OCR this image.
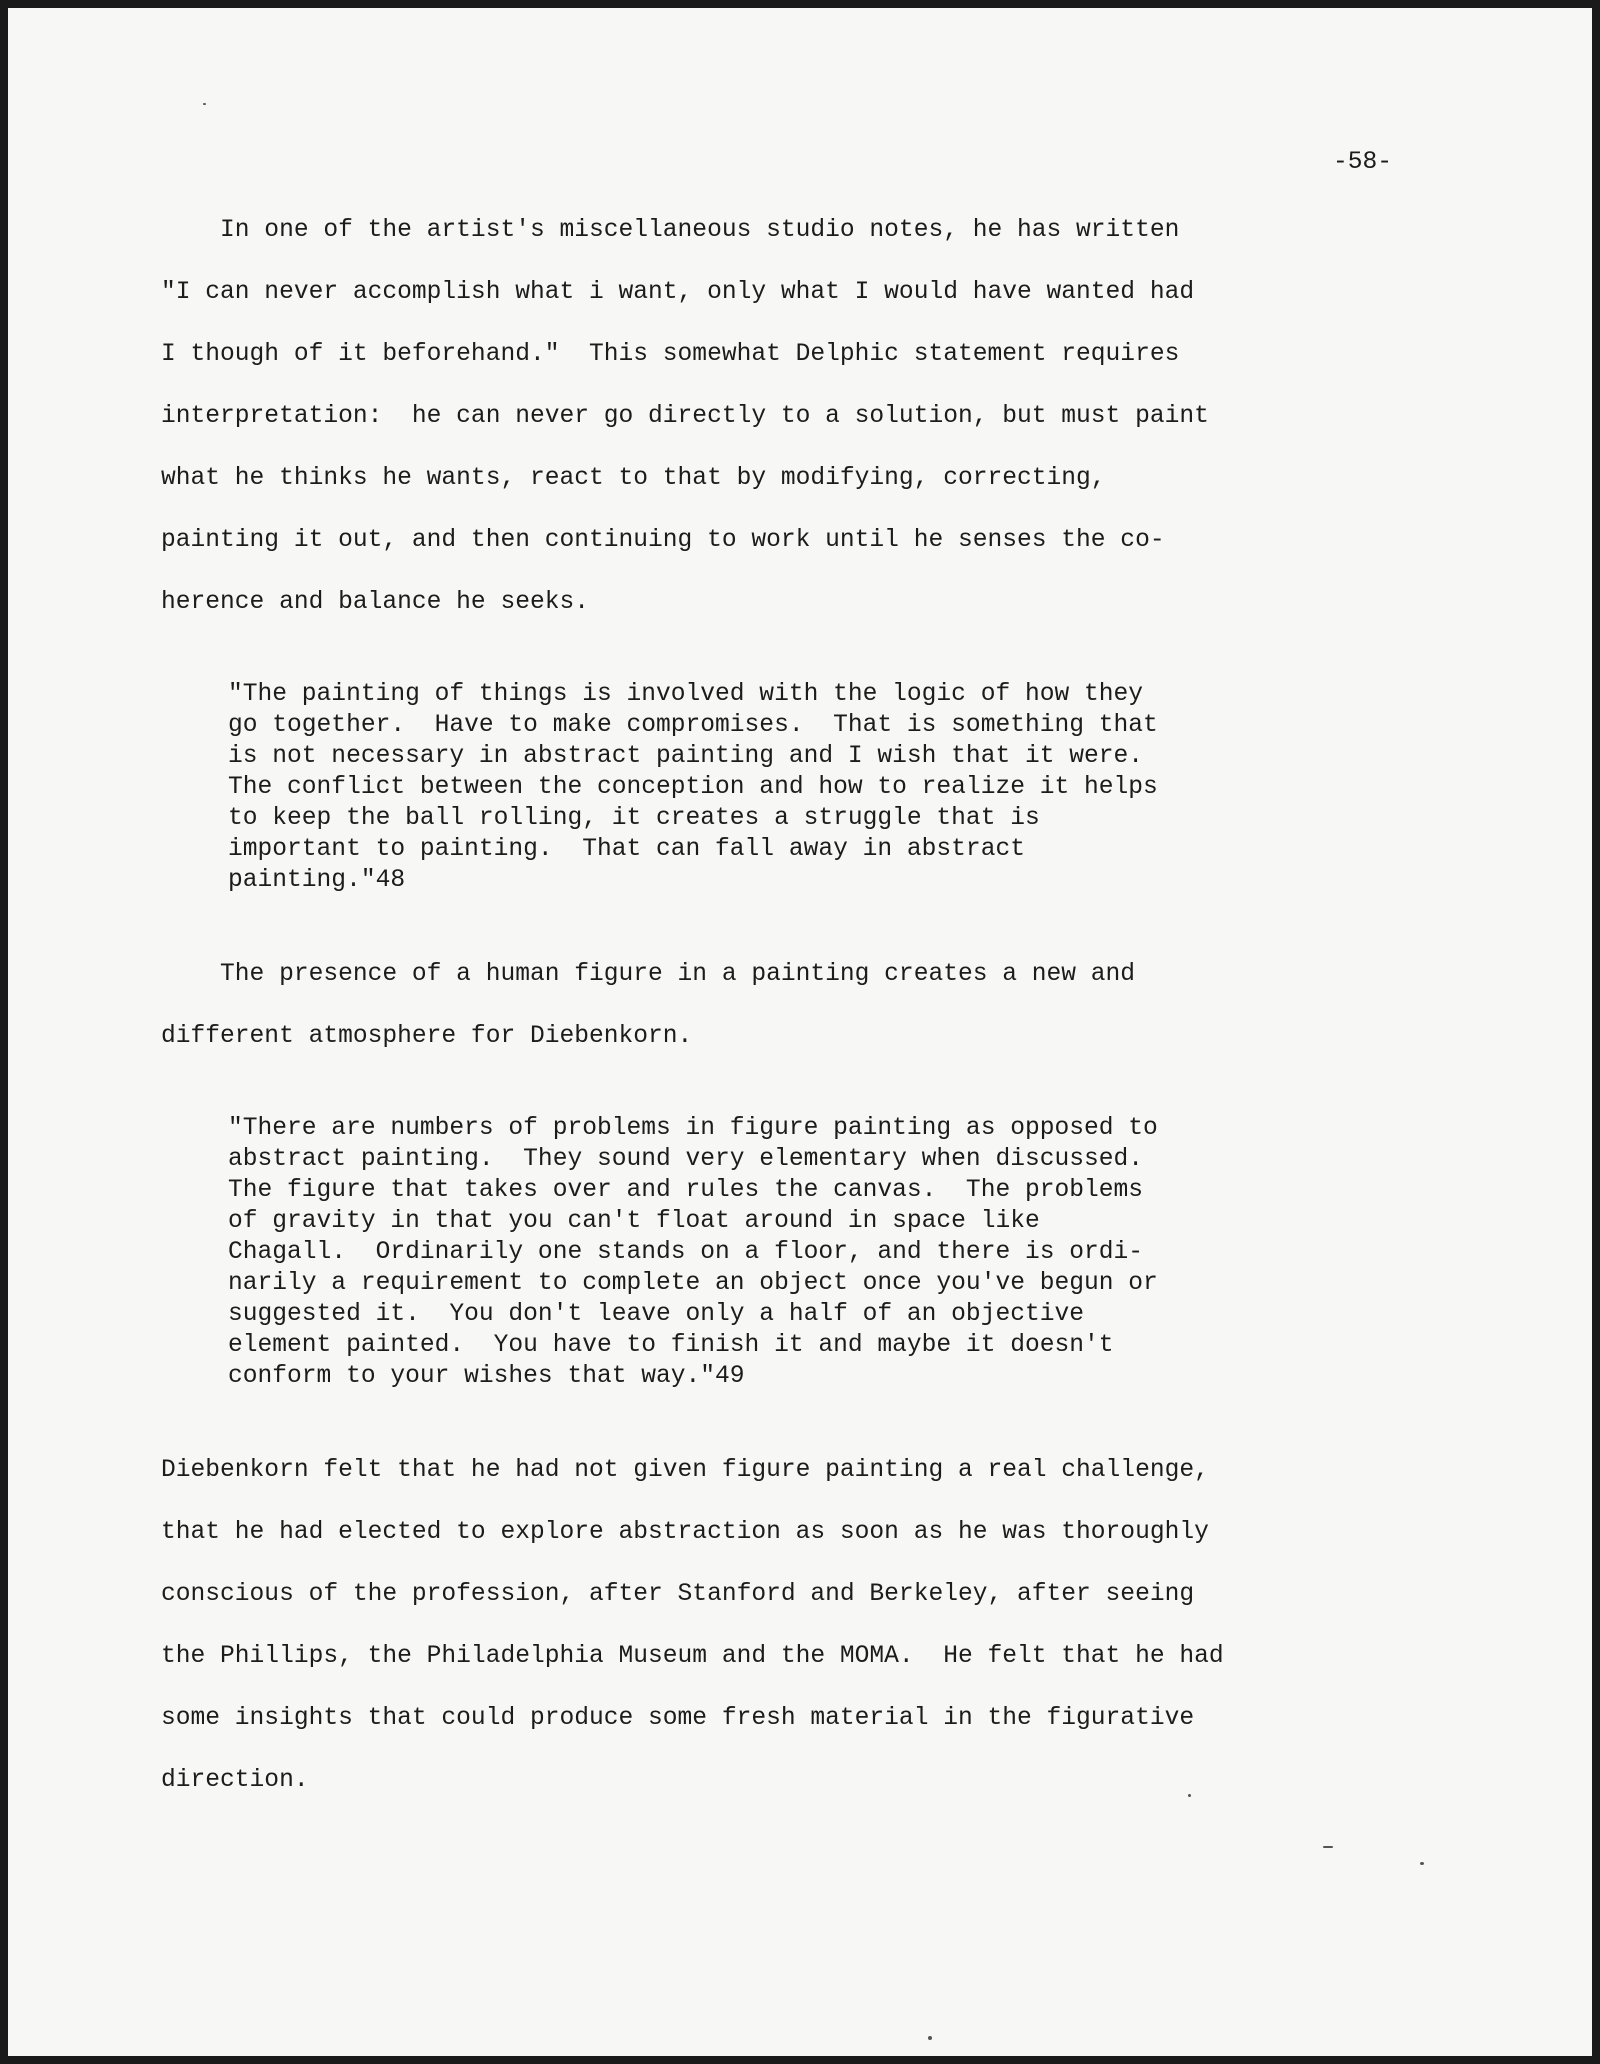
-58-

In one of the artist's miscellaneous studio notes, he has written

"I can never accomplish what i want, only what I would have wanted had

I though of it beforehand."  This somewhat Delphic statement requires

interpretation:  he can never go directly to a solution, but must paint

what he thinks he wants, react to that by modifying, correcting,

painting it out, and then continuing to work until he senses the co-

herence and balance he seeks.

"The painting of things is involved with the logic of how they

go together.  Have to make compromises.  That is something that

is not necessary in abstract painting and I wish that it were.

The conflict between the conception and how to realize it helps

to keep the ball rolling, it creates a struggle that is

important to painting.  That can fall away in abstract

painting."48

The presence of a human figure in a painting creates a new and

different atmosphere for Diebenkorn.

"There are numbers of problems in figure painting as opposed to

abstract painting.  They sound very elementary when discussed.

The figure that takes over and rules the canvas.  The problems

of gravity in that you can't float around in space like

Chagall.  Ordinarily one stands on a floor, and there is ordi-

narily a requirement to complete an object once you've begun or

suggested it.  You don't leave only a half of an objective

element painted.  You have to finish it and maybe it doesn't

conform to your wishes that way."49

Diebenkorn felt that he had not given figure painting a real challenge,

that he had elected to explore abstraction as soon as he was thoroughly

conscious of the profession, after Stanford and Berkeley, after seeing

the Phillips, the Philadelphia Museum and the MOMA.  He felt that he had

some insights that could produce some fresh material in the figurative

direction.
